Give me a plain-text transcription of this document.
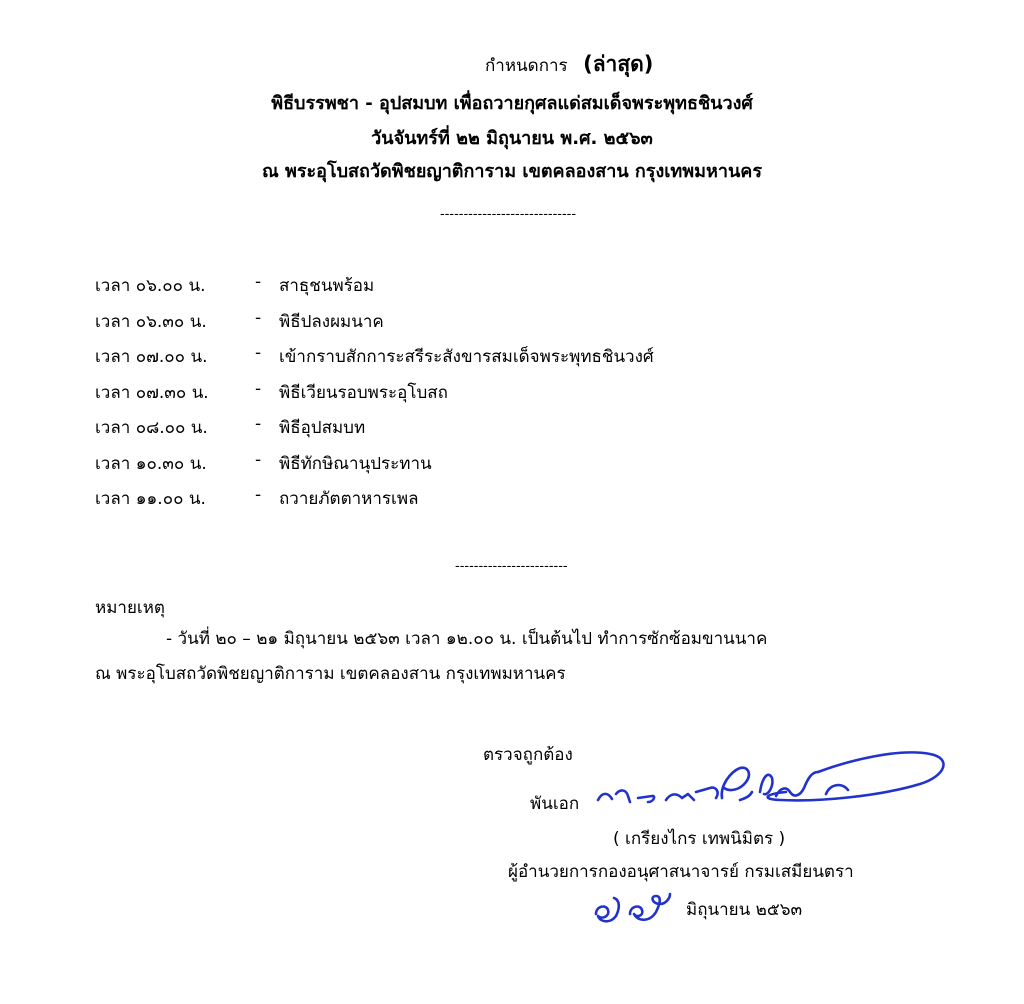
กำหนดการ (ล่าสุด)
พิธีบรรพชา - อุปสมบท เพื่อถวายกุศลแด่สมเด็จพระพุทธชินวงศ์
วันจันทร์ที่ ๒๒ มิถุนายน พ.ศ. ๒๕๖๓
ณ พระอุโบสถวัดพิชยญาติการาม เขตคลองสาน กรุงเทพมหานคร
-----------------------------
เวลา ๐๖.๐๐ น.	- สาธุชนพร้อม
เวลา ๐๖.๓๐ น.	- พิธีปลงผมนาค
เวลา ๐๗.๐๐ น.	- เข้ากราบสักการะสรีระสังขารสมเด็จพระพุทธชินวงศ์
เวลา ๐๗.๓๐ น.	- พิธีเวียนรอบพระอุโบสถ
เวลา ๐๘.๐๐ น.	- พิธีอุปสมบท
เวลา ๑๐.๓๐ น.	- พิธีทักษิณานุประทาน
เวลา ๑๑.๐๐ น.	- ถวายภัตตาหารเพล
------------------------
หมายเหตุ
- วันที่ ๒๐ – ๒๑ มิถุนายน ๒๕๖๓ เวลา ๑๒.๐๐ น. เป็นต้นไป ทำการซักซ้อมขานนาค
ณ พระอุโบสถวัดพิชยญาติการาม เขตคลองสาน กรุงเทพมหานคร
ตรวจถูกต้อง
พันเอก
( เกรียงไกร เทพนิมิตร )
ผู้อำนวยการกองอนุศาสนาจารย์ กรมเสมียนตรา
มิถุนายน ๒๕๖๓
